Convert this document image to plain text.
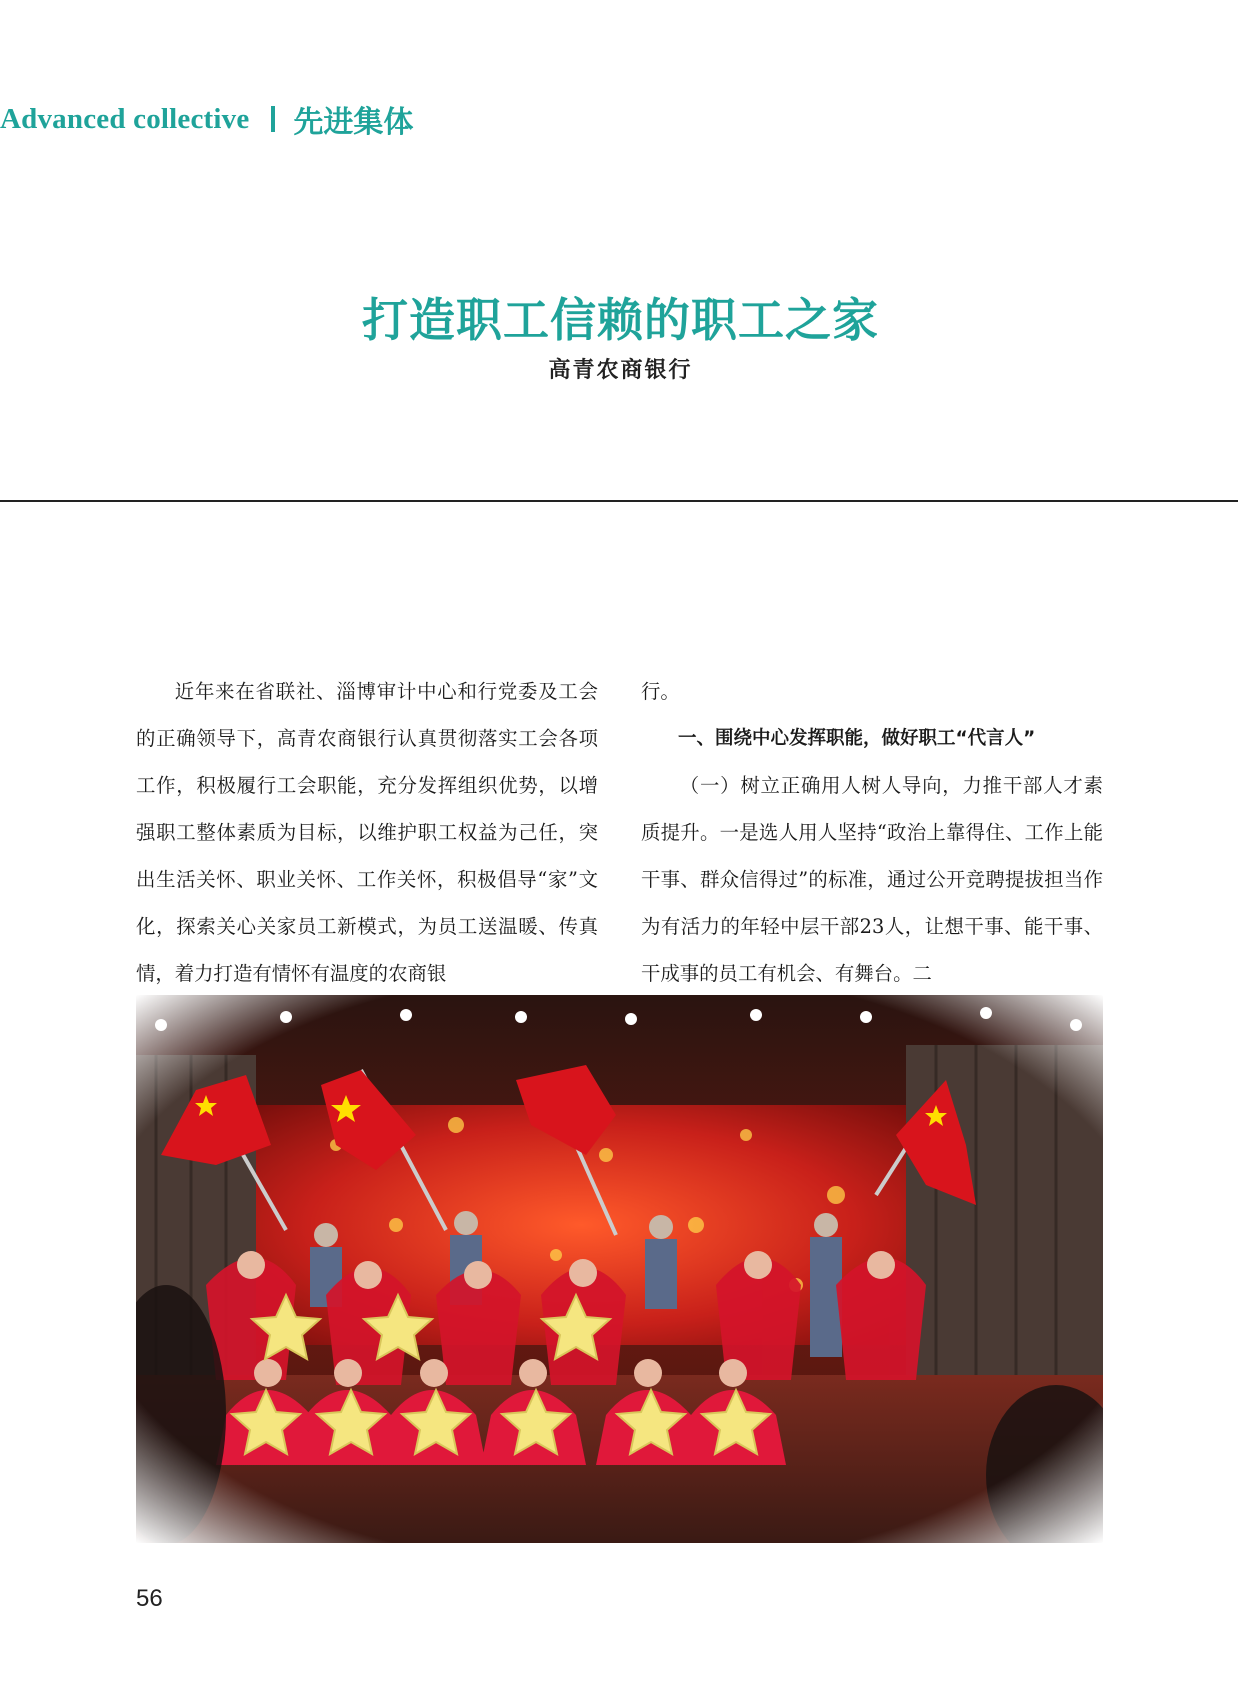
Advanced collective 先进集体
打造职工信赖的职工之家
高青农商银行

近年来在省联社、淄博审计中心和行党委及工会的正确领导下，高青农商银行认真贯彻落实工会各项工作，积极履行工会职能，充分发挥组织优势，以增强职工整体素质为目标，以维护职工权益为己任，突出生活关怀、职业关怀、工作关怀，积极倡导“家”文化，探索关心关家员工新模式，为员工送温暖、传真情，着力打造有情怀有温度的农商银

行。

一、围绕中心发挥职能，做好职工“代言人”

（一）树立正确用人树人导向，力推干部人才素质提升。一是选人用人坚持“政治上靠得住、工作上能干事、群众信得过”的标准，通过公开竞聘提拔担当作为有活力的年轻中层干部23人，让想干事、能干事、干成事的员工有机会、有舞台。二

56
